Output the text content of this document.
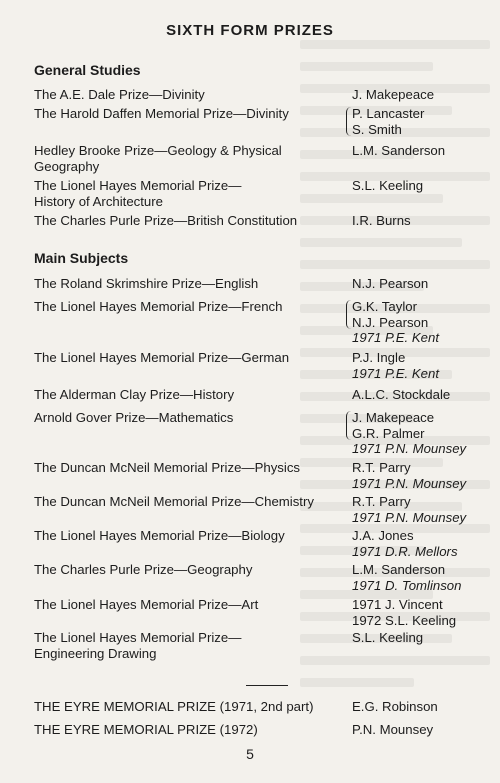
SIXTH FORM PRIZES
General Studies
The A.E. Dale Prize—Divinity	J. Makepeace
The Harold Daffen Memorial Prize—Divinity	P. Lancaster
S. Smith
Hedley Brooke Prize—Geology & Physical Geography
L.M. Sanderson
The Lionel Hayes Memorial Prize— History of Architecture
S.L. Keeling
The Charles Purle Prize—British Constitution	I.R. Burns
Main Subjects
The Roland Skrimshire Prize—English	N.J. Pearson
The Lionel Hayes Memorial Prize—French	G.K. Taylor
N.J. Pearson
1971 P.E. Kent
The Lionel Hayes Memorial Prize—German	P.J. Ingle
1971 P.E. Kent
The Alderman Clay Prize—History	A.L.C. Stockdale
Arnold Gover Prize—Mathematics	J. Makepeace
G.R. Palmer
1971 P.N. Mounsey
The Duncan McNeil Memorial Prize—Physics	R.T. Parry
1971 P.N. Mounsey
The Duncan McNeil Memorial Prize—Chemistry	R.T. Parry
1971 P.N. Mounsey
The Lionel Hayes Memorial Prize—Biology	J.A. Jones
1971 D.R. Mellors
The Charles Purle Prize—Geography	L.M. Sanderson
1971 D. Tomlinson
The Lionel Hayes Memorial Prize—Art	1971 J. Vincent
1972 S.L. Keeling
The Lionel Hayes Memorial Prize— Engineering Drawing
S.L. Keeling
THE EYRE MEMORIAL PRIZE (1971, 2nd part)	E.G. Robinson
THE EYRE MEMORIAL PRIZE (1972)	P.N. Mounsey
5
